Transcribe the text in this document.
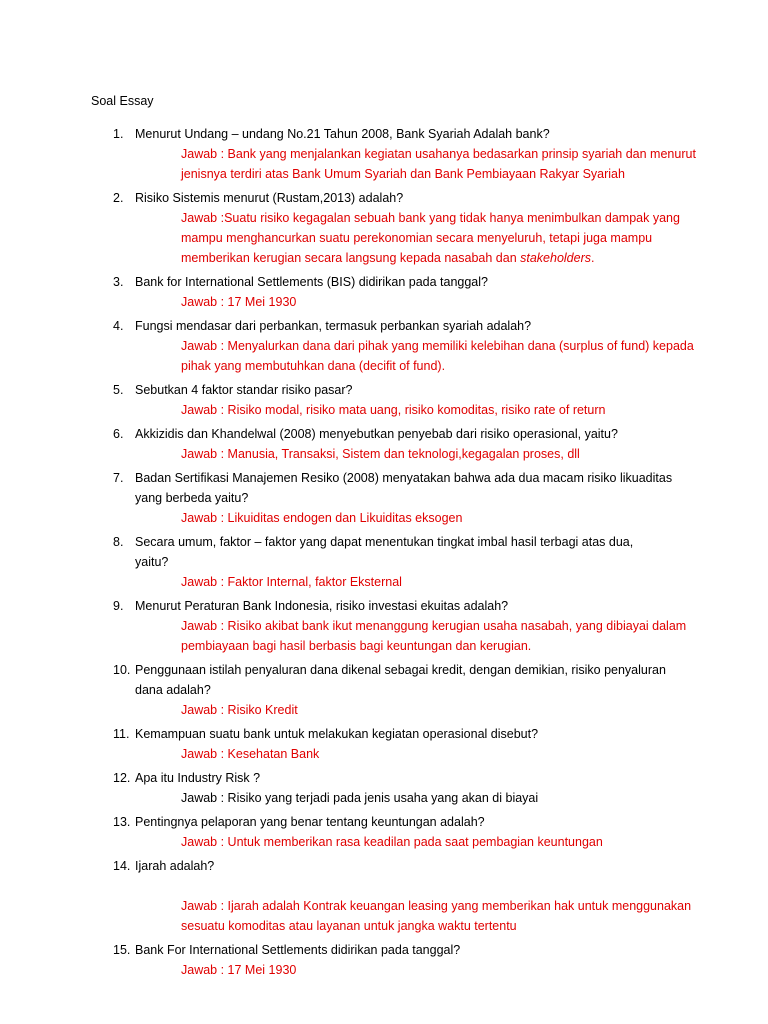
Soal Essay
1. Menurut Undang – undang No.21 Tahun 2008, Bank Syariah Adalah bank?
Jawab : Bank yang menjalankan kegiatan usahanya bedasarkan prinsip syariah dan menurut jenisnya terdiri atas Bank Umum Syariah dan Bank Pembiayaan Rakyar Syariah
2. Risiko Sistemis menurut (Rustam,2013) adalah?
Jawab :Suatu risiko kegagalan sebuah bank yang tidak hanya menimbulkan dampak yang mampu menghancurkan suatu perekonomian secara menyeluruh, tetapi juga mampu memberikan kerugian secara langsung kepada nasabah dan stakeholders.
3. Bank for International Settlements (BIS) didirikan pada tanggal?
Jawab : 17 Mei 1930
4. Fungsi mendasar dari perbankan, termasuk perbankan syariah adalah?
Jawab : Menyalurkan dana dari pihak yang memiliki kelebihan dana (surplus of fund) kepada pihak yang membutuhkan dana (decifit of fund).
5. Sebutkan 4 faktor standar risiko pasar?
Jawab : Risiko modal, risiko mata uang, risiko komoditas, risiko rate of return
6. Akkizidis dan Khandelwal (2008) menyebutkan penyebab dari risiko operasional, yaitu?
Jawab : Manusia, Transaksi, Sistem dan teknologi,kegagalan proses, dll
7. Badan Sertifikasi Manajemen Resiko (2008) menyatakan bahwa ada dua macam risiko likuaditas
yang berbeda yaitu?
Jawab : Likuiditas endogen dan Likuiditas eksogen
8. Secara umum, faktor – faktor yang dapat menentukan tingkat imbal hasil terbagi atas dua,
yaitu?
Jawab : Faktor Internal, faktor Eksternal
9. Menurut Peraturan Bank Indonesia, risiko investasi ekuitas adalah?
Jawab : Risiko akibat bank ikut menanggung kerugian usaha nasabah, yang dibiayai dalam pembiayaan bagi hasil berbasis bagi keuntungan dan kerugian.
10. Penggunaan istilah penyaluran dana dikenal sebagai kredit, dengan demikian, risiko penyaluran
dana adalah?
Jawab : Risiko Kredit
11. Kemampuan suatu bank untuk melakukan kegiatan operasional disebut?
Jawab : Kesehatan Bank
12. Apa itu Industry Risk ?
Jawab : Risiko yang terjadi pada jenis usaha yang akan di biayai
13. Pentingnya pelaporan yang benar tentang keuntungan adalah?
Jawab : Untuk memberikan rasa keadilan pada saat pembagian keuntungan
14. Ijarah adalah?
Jawab : Ijarah adalah Kontrak keuangan leasing yang memberikan hak untuk menggunakan sesuatu komoditas atau layanan untuk jangka waktu tertentu
15. Bank For International Settlements didirikan pada tanggal?
Jawab : 17 Mei 1930
